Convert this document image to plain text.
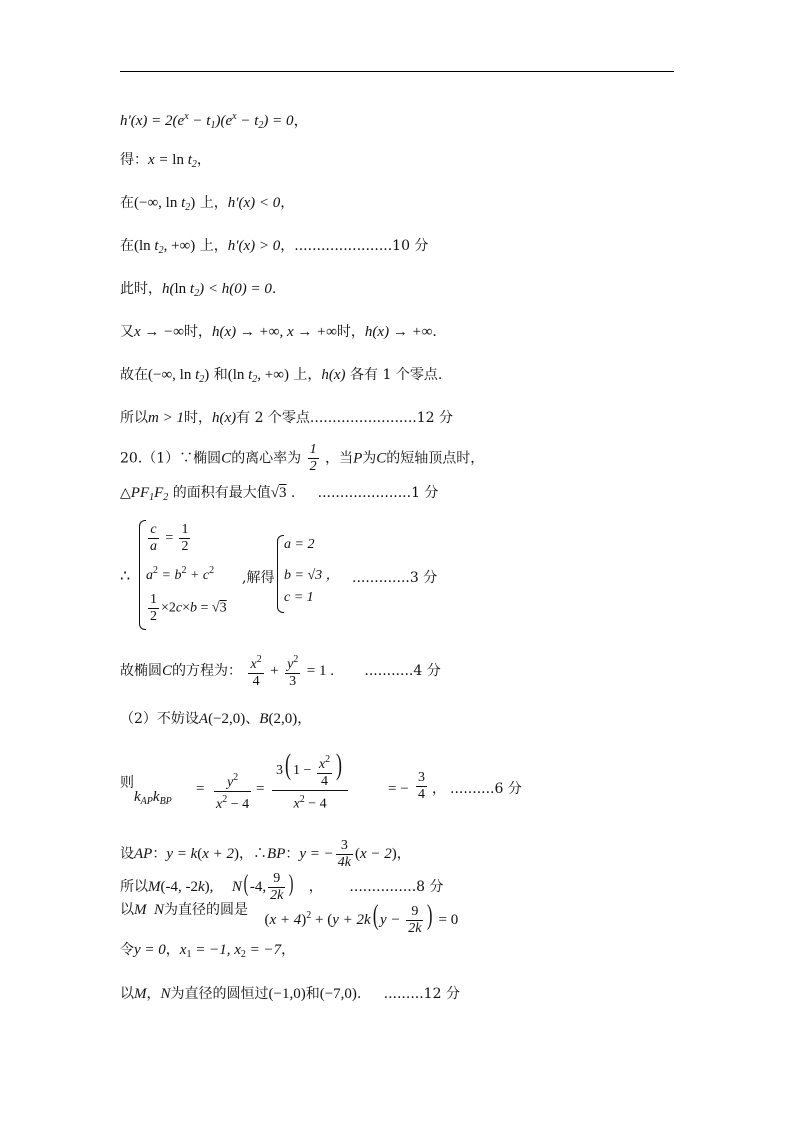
$h'(x) = 2(e^x - t_1)(e^x - t_2) = 0$，
得：$x = \ln t_2$，
在(−∞, $\ln t_2$) 上，h′(x) < 0，
在(ln $t_2$, +∞) 上，h′(x) > 0，......................10 分
此时，h(ln $t_2) < h(0) = 0$.
又x → −∞时，h(x) → +∞, x → +∞时，h(x) → +∞.
故在(−∞, $\ln t_2$) 和(ln $t_2$, +∞) 上，h(x) 各有 1 个零点.
所以m > 1时，h(x)有 2 个零点........................12 分
20.（1）∵椭圆C的离心率为 $\frac{1}{2}$ ，当P为C的短轴顶点时，
$\triangle PF_1F_2$ 的面积有最大值√3 .     .....................1 分
∴
$\frac{c}{a} = \frac{1}{2}$
$a^2 = b^2 + c^2$
$\frac{1}{2} \times 2c\times b = √3$
,解得
a = 2
b = √3 ，
c = 1
.............3 分
故椭圆C的方程为： $\frac{x^2}{4} + \frac{y^2}{3} = 1$ . ...........4 分
（2）不妨设A(−2,0)、B(2,0)，
则
$k_{AP}k_{BP}$
= $\frac{y^2}{x^2 - 4}$ =
3( $1 - \frac{x^2}{4}$ )
$x^2 - 4$
= − $\frac{3}{4}$ ， ..........6 分
设AP：y = k(x + 2)，∴BP：y = − $\frac{3}{4k} (x - 2)$，
所以M(-4, -2k), N( -4, $\frac{9}{2k}$ )   ，      ...............8 分
以M  N为直径的圆是 $(x + 4)^2 + (y + 2k$( $y - \frac{9}{2k}$ ) = 0
令y = 0，$x_1 = -1$, $x_2 = -7$，
以M，N为直径的圆恒过(−1,0)和(−7,0).     .........12 分
